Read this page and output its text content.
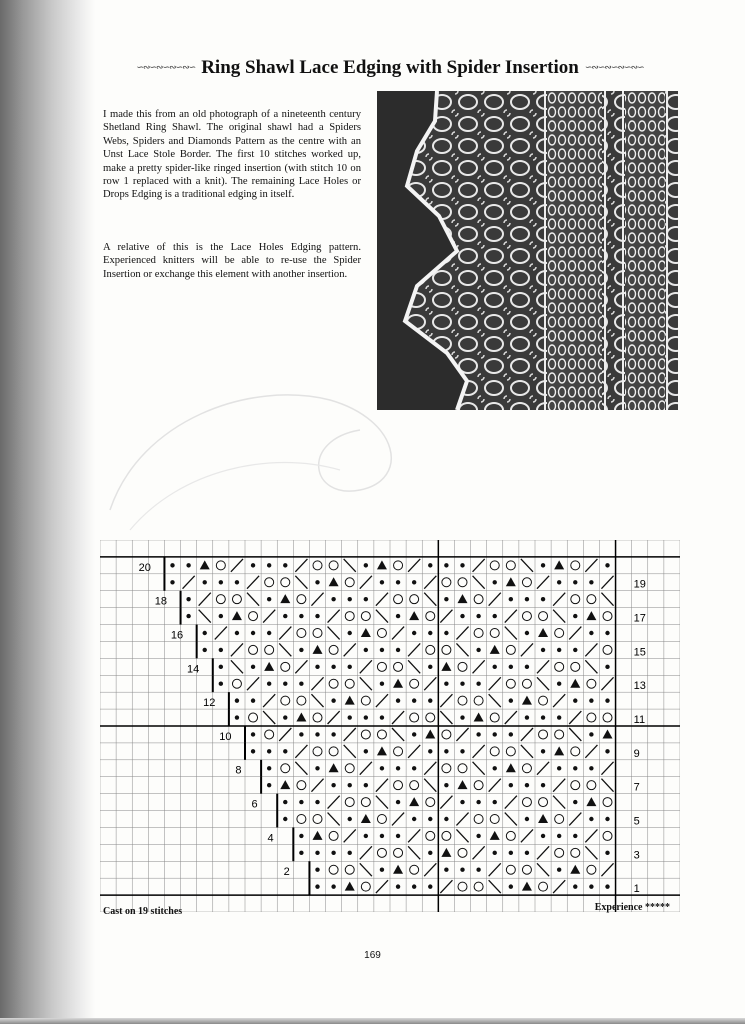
∽∾∽∾∽∾∽∾∽ Ring Shawl Lace Edging with Spider Insertion ∽∾∽∾∽∾∽∾∽

I made this from an old photograph of a nineteenth century Shetland Ring Shawl. The original shawl had a Spiders Webs, Spiders and Diamonds Pattern as the centre with an Unst Lace Stole Border. The first 10 stitches worked up, make a pretty spider-like ringed insertion (with stitch 10 on row 1 replaced with a knit). The remaining Lace Holes or Drops Edging is a traditional edging in itself.

A relative of this is the Lace Holes Edging pattern. Experienced knitters will be able to re-use the Spider Insertion or exchange this element with another insertion.

19
17
15
13
11
9
7
5
3
1
20
18
16
14
12
10
8
6
4
2
Cast on 19 stitches	Experience *****
169
